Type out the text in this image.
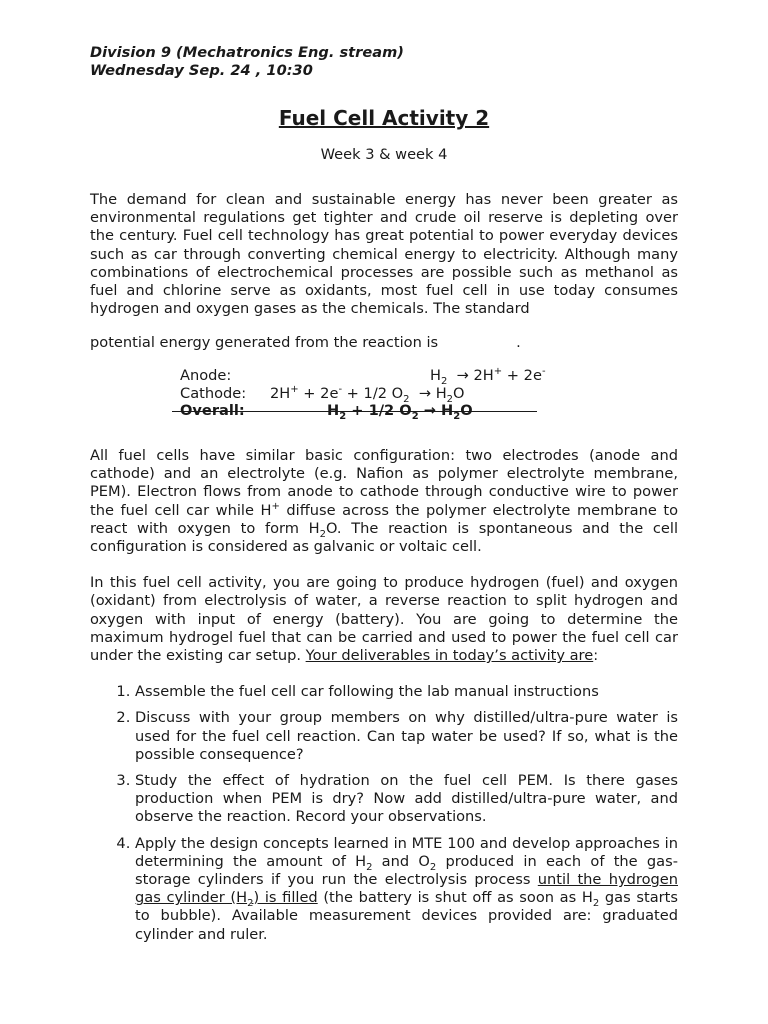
Division 9 (Mechatronics Eng. stream)

Wednesday Sep. 24 , 10:30

Fuel Cell Activity 2
Week 3 & week 4

The demand for clean and sustainable energy has never been greater as environmental regulations get tighter and crude oil reserve is depleting over the century. Fuel cell technology has great potential to power everyday devices such as car through converting chemical energy to electricity. Although many combinations of electrochemical processes are possible such as methanol as fuel and chlorine serve as oxidants, most fuel cell in use today consumes hydrogen and oxygen gases as the chemicals. The standard

potential energy generated from the reaction is	.

Anode:	$H_2 \to 2H^+ + 2e^-$
Cathode: 2H+ + 2e- + 1/2 $O_2 \to H_2O$
Overall:	$H_2 + 1/2$ $O_2 \to H_2O$

All fuel cells have similar basic configuration: two electrodes (anode and cathode) and an electrolyte (e.g. Nafion as polymer electrolyte membrane, PEM). Electron flows from anode to cathode through conductive wire to power the fuel cell car while H+ diffuse across the polymer electrolyte membrane to react with oxygen to form $H_2O$. The reaction is spontaneous and the cell configuration is considered as galvanic or voltaic cell.

In this fuel cell activity, you are going to produce hydrogen (fuel) and oxygen (oxidant) from electrolysis of water, a reverse reaction to split hydrogen and oxygen with input of energy (battery). You are going to determine the maximum hydrogel fuel that can be carried and used to power the fuel cell car under the existing car setup. Your deliverables in today’s activity are:

1. Assemble the fuel cell car following the lab manual instructions
2. Discuss with your group members on why distilled/ultra-pure water is used for the fuel cell reaction. Can tap water be used? If so, what is the possible consequence?
3. Study the effect of hydration on the fuel cell PEM. Is there gases production when PEM is dry? Now add distilled/ultra-pure water, and observe the reaction. Record your observations.
4. Apply the design concepts learned in MTE 100 and develop approaches in determining the amount of $H_2$ and $O_2$ produced in each of the gas-storage cylinders if you run the electrolysis process until the hydrogen gas cylinder $(H_2)$ is filled (the battery is shut off as soon as $H_2$ gas starts to bubble). Available measurement devices provided are: graduated cylinder and ruler.
